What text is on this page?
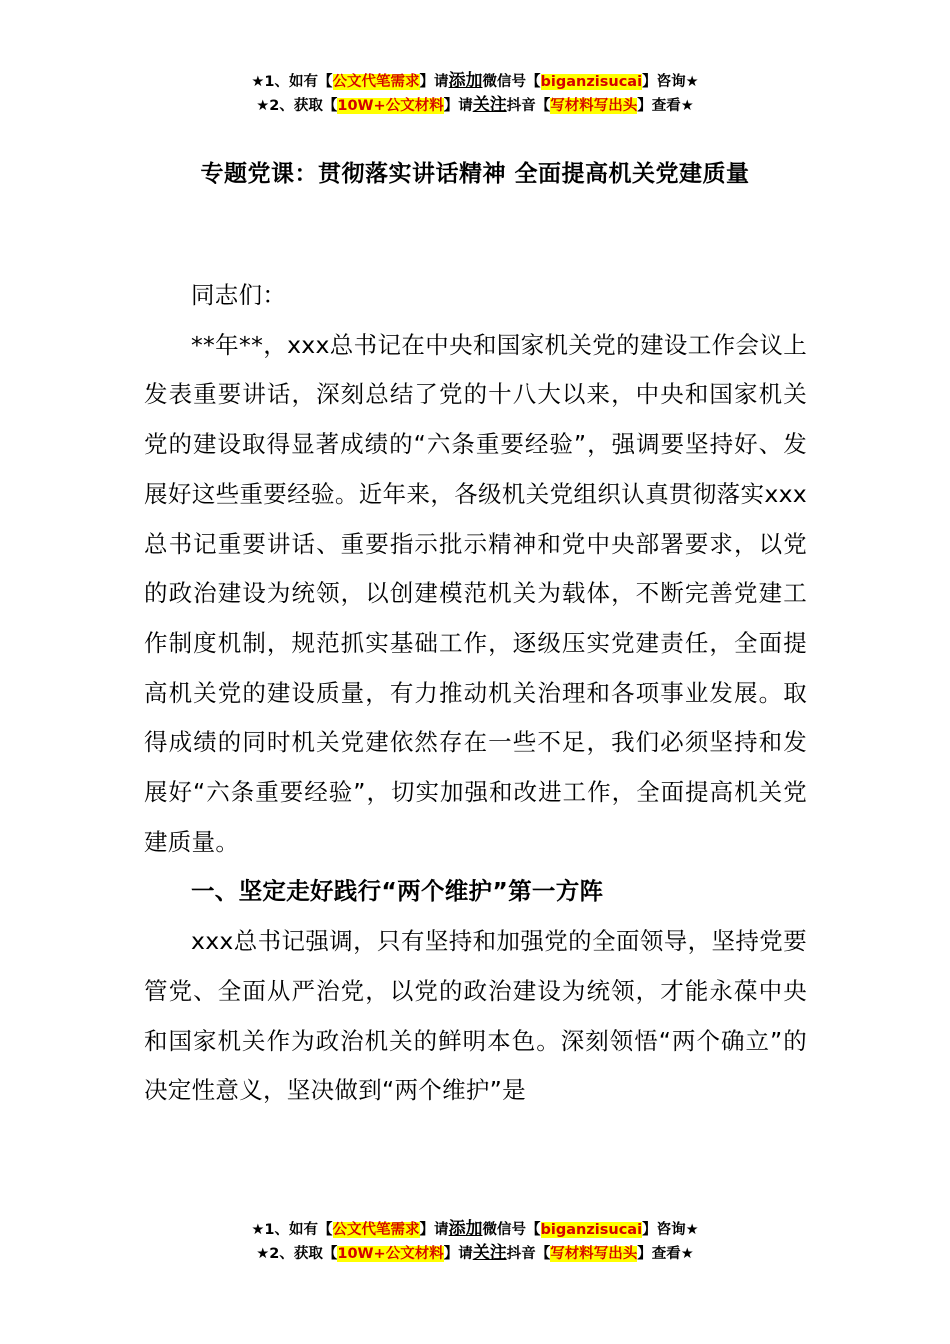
★1、如有【公文代笔需求】请添加微信号【biganzisucai】咨询★
★2、获取【10W+公文材料】请关注抖音【写材料写出头】查看★
专题党课：贯彻落实讲话精神 全面提高机关党建质量

同志们：

**年**，xxx总书记在中央和国家机关党的建设工作会议上发表重要讲话，深刻总结了党的十八大以来，中央和国家机关党的建设取得显著成绩的“六条重要经验”，强调要坚持好、发展好这些重要经验。近年来，各级机关党组织认真贯彻落实xxx总书记重要讲话、重要指示批示精神和党中央部署要求，以党的政治建设为统领，以创建模范机关为载体，不断完善党建工作制度机制，规范抓实基础工作，逐级压实党建责任，全面提高机关党的建设质量，有力推动机关治理和各项事业发展。取得成绩的同时机关党建依然存在一些不足，我们必须坚持和发展好“六条重要经验”，切实加强和改进工作，全面提高机关党建质量。

一、坚定走好践行“两个维护”第一方阵

xxx总书记强调，只有坚持和加强党的全面领导，坚持党要管党、全面从严治党，以党的政治建设为统领，才能永葆中央和国家机关作为政治机关的鲜明本色。深刻领悟“两个确立”的决定性意义，坚决做到“两个维护”是

★1、如有【公文代笔需求】请添加微信号【biganzisucai】咨询★
★2、获取【10W+公文材料】请关注抖音【写材料写出头】查看★
